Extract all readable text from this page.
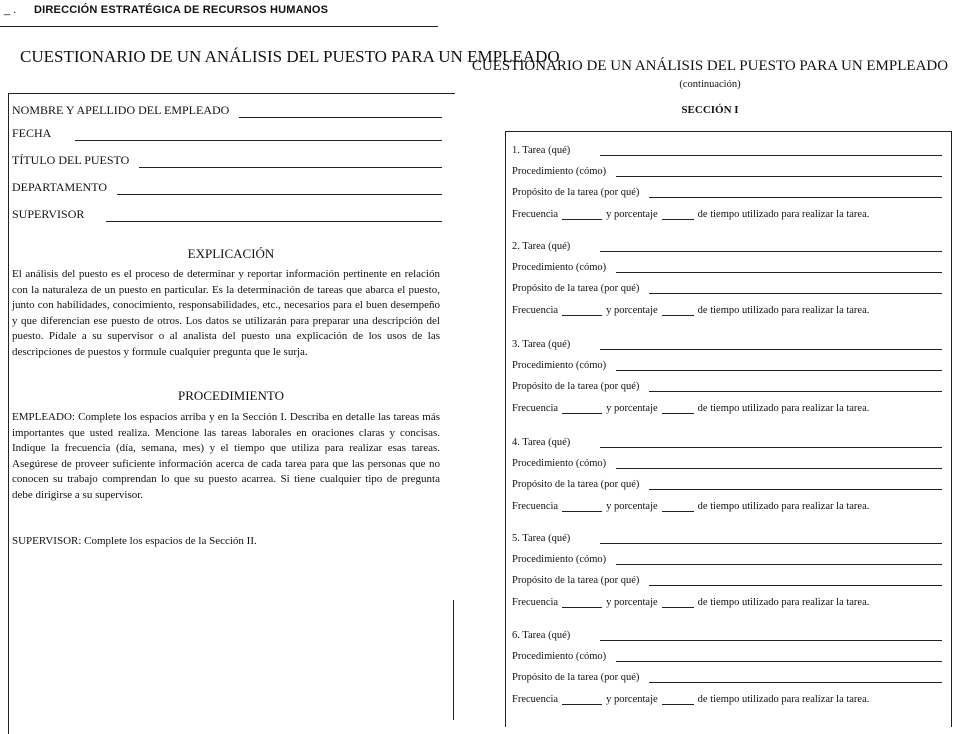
_ . DIRECCIÓN ESTRATÉGICA DE RECURSOS HUMANOS
CUESTIONARIO DE UN ANÁLISIS DEL PUESTO PARA UN EMPLEADO
NOMBRE Y APELLIDO DEL EMPLEADO
FECHA
TÍTULO DEL PUESTO
DEPARTAMENTO
SUPERVISOR
EXPLICACIÓN
El análisis del puesto es el proceso de determinar y reportar información pertinente en relación con la naturaleza de un puesto en particular. Es la determinación de tareas que abarca el puesto, junto con habilidades, conocimiento, responsabilidades, etc., necesarios para el buen desempeño y que diferencian ese puesto de otros. Los datos se utilizarán para preparar una descripción del puesto. Pídale a su supervisor o al analista del puesto una explicación de los usos de las descripciones de puestos y formule cualquier pregunta que le surja.
PROCEDIMIENTO
EMPLEADO: Complete los espacios arriba y en la Sección I. Describa en detalle las tareas más importantes que usted realiza. Mencione las tareas laborales en oraciones claras y concisas. Indique la frecuencia (día, semana, mes) y el tiempo que utiliza para realizar esas tareas. Asegúrese de proveer suficiente información acerca de cada tarea para que las personas que no conocen su trabajo comprendan lo que su puesto acarrea. Si tiene cualquier tipo de pregunta debe dirigirse a su supervisor.
SUPERVISOR: Complete los espacios de la Sección II.
CUESTIONARIO DE UN ANÁLISIS DEL PUESTO PARA UN EMPLEADO
(continuación)
SECCIÓN I
1. Tarea (qué)
Procedimiento (cómo)
Propósito de la tarea (por qué)
Frecuencia	y porcentaje	de tiempo utilizado para realizar la tarea.
2. Tarea (qué)
Procedimiento (cómo)
Propósito de la tarea (por qué)
Frecuencia	y porcentaje	de tiempo utilizado para realizar la tarea.
3. Tarea (qué)
Procedimiento (cómo)
Propósito de la tarea (por qué)
Frecuencia	y porcentaje	de tiempo utilizado para realizar la tarea.
4. Tarea (qué)
Procedimiento (cómo)
Propósito de la tarea (por qué)
Frecuencia	y porcentaje	de tiempo utilizado para realizar la tarea.
5. Tarea (qué)
Procedimiento (cómo)
Propósito de la tarea (por qué)
Frecuencia	y porcentaje	de tiempo utilizado para realizar la tarea.
6. Tarea (qué)
Procedimiento (cómo)
Propósito de la tarea (por qué)
Frecuencia	y porcentaje	de tiempo utilizado para realizar la tarea.
